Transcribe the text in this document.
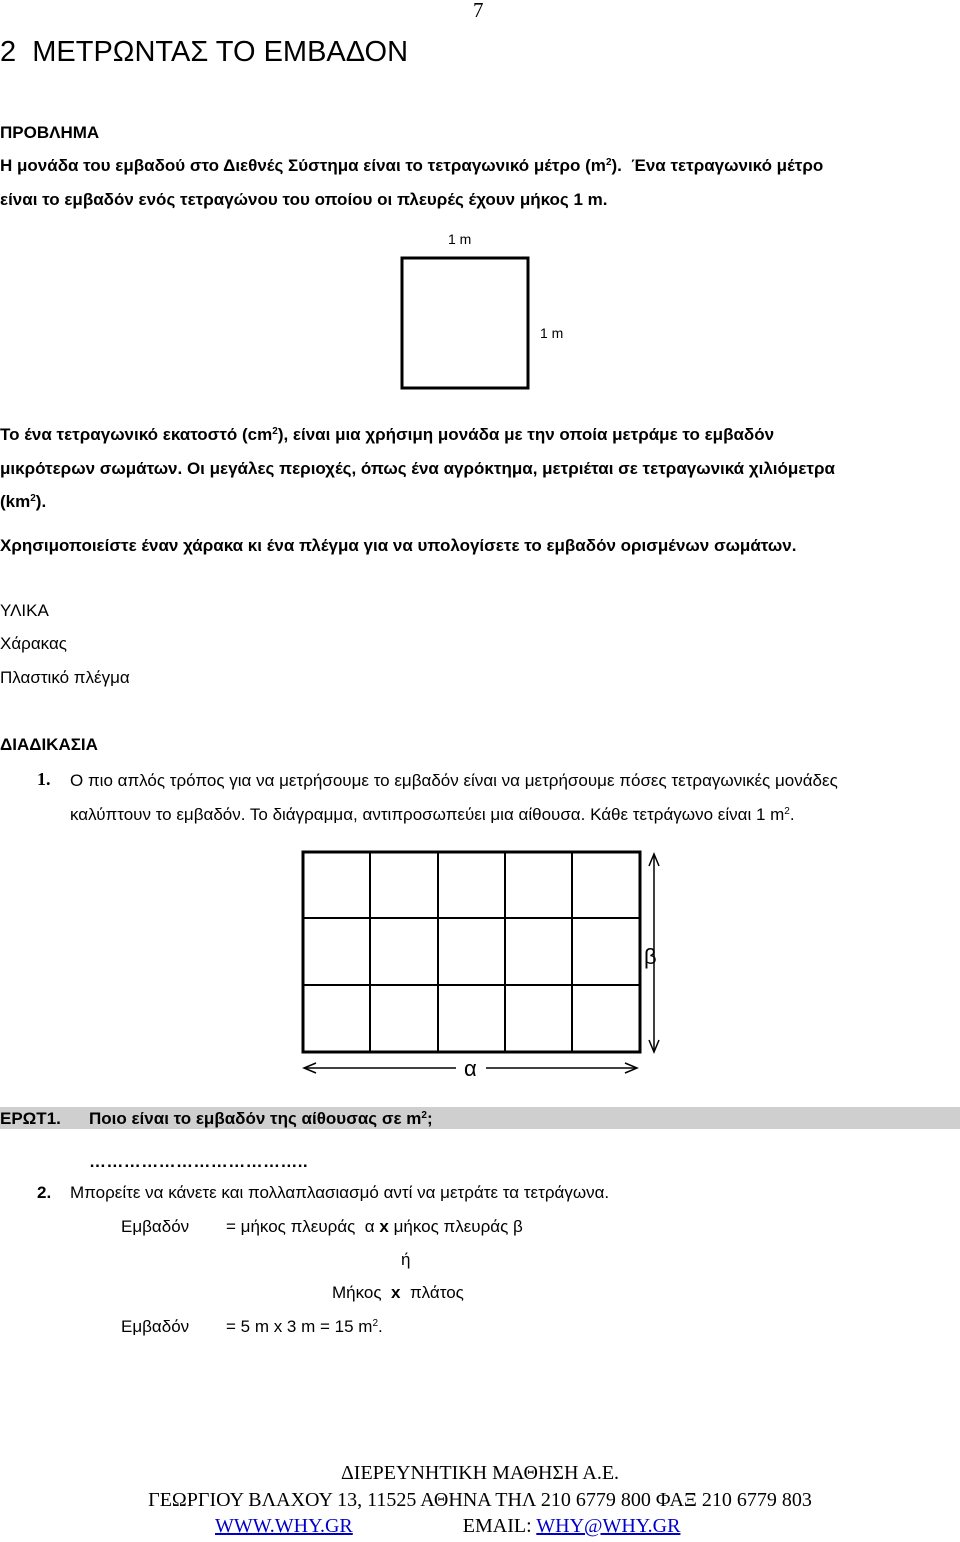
7
2  ΜΕΤΡΩΝΤΑΣ ΤΟ ΕΜΒΑΔΟΝ
ΠΡΟΒΛΗΜΑ
Η μονάδα του εμβαδού στο Διεθνές Σύστημα είναι το τετραγωνικό μέτρο $(m^2)$.  Ένα τετραγωνικό μέτρο
είναι το εμβαδόν ενός τετραγώνου του οποίου οι πλευρές έχουν μήκος 1 m.
1 m
1 m
Το ένα τετραγωνικό εκατοστό $(cm^2)$, είναι μια χρήσιμη μονάδα με την οποία μετράμε το εμβαδόν
μικρότερων σωμάτων. Οι μεγάλες περιοχές, όπως ένα αγρόκτημα, μετριέται σε τετραγωνικά χιλιόμετρα
$(km^2)$.
Χρησιμοποιείστε έναν χάρακα κι ένα πλέγμα για να υπολογίσετε το εμβαδόν ορισμένων σωμάτων.
ΥΛΙΚΑ
Χάρακας
Πλαστικό πλέγμα
ΔΙΑΔΙΚΑΣΙΑ
1. Ο πιο απλός τρόπος για να μετρήσουμε το εμβαδόν είναι να μετρήσουμε πόσες τετραγωνικές μονάδες
καλύπτουν το εμβαδόν. Το διάγραμμα, αντιπροσωπεύει μια αίθουσα. Κάθε τετράγωνο είναι 1 $m^2$.
β
α
ΕΡΩΤ1. Ποιο είναι το εμβαδόν της αίθουσας σε $m^2$;
………………………………..
2. Μπορείτε να κάνετε και πολλαπλασιασμό αντί να μετράτε τα τετράγωνα.
Εμβαδόν = μήκος πλευράς  α x μήκος πλευράς β
ή
Μήκος x πλάτος
Εμβαδόν = 5 m x 3 m = 15 $m^2$.
ΔΙΕΡΕΥΝΗΤΙΚΗ ΜΑΘΗΣΗ Α.Ε.
ΓΕΩΡΓΙΟΥ ΒΛΑΧΟΥ 13, 11525 ΑΘΗΝΑ ΤΗΛ 210 6779 800 ΦΑΞ 210 6779 803
WWW.WHY.GR	EMAIL: WHY@WHY.GR
